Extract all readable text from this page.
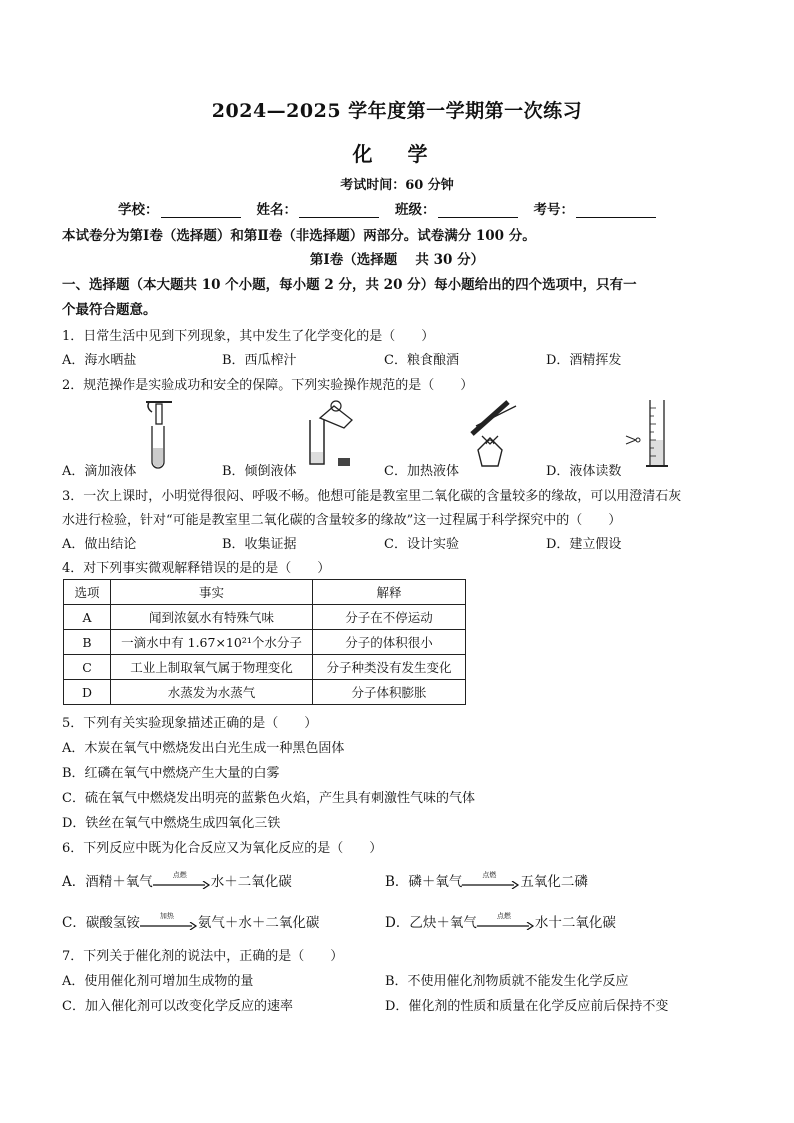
2024—2025 学年度第一学期第一次练习
化 学
考试时间：60 分钟
学校：	姓名：	班级：	考号：
本试卷分为第Ⅰ卷（选择题）和第Ⅱ卷（非选择题）两部分。试卷满分 100 分。
第Ⅰ卷（选择题　 共 30 分）
一、选择题（本大题共 10 个小题，每小题 2 分，共 20 分）每小题给出的四个选项中，只有一
个最符合题意。
1．日常生活中见到下列现象，其中发生了化学变化的是（　　）
A．海水晒盐	B．西瓜榨汁	C．粮食酿酒	D．酒精挥发
2．规范操作是实验成功和安全的保障。下列实验操作规范的是（　　）
A．滴加液体	B．倾倒液体	C．加热液体	D．液体读数
3．一次上课时，小明觉得很闷、呼吸不畅。他想可能是教室里二氧化碳的含量较多的缘故，可以用澄清石灰
水进行检验，针对“可能是教室里二氧化碳的含量较多的缘故”这一过程属于科学探究中的（　　）
A．做出结论	B．收集证据	C．设计实验	D．建立假设
4．对下列事实微观解释错误的是的是（　　）
选项	事实	解释
A	闻到浓氨水有特殊气味	分子在不停运动
B	一滴水中有 1.67×10²¹个水分子	分子的体积很小
C	工业上制取氧气属于物理变化	分子种类没有发生变化
D	水蒸发为水蒸气	分子体积膨胀
5．下列有关实验现象描述正确的是（　　）
A．木炭在氧气中燃烧发出白光生成一种黑色固体
B．红磷在氧气中燃烧产生大量的白雾
C．硫在氧气中燃烧发出明亮的蓝紫色火焰，产生具有刺激性气味的气体
D．铁丝在氧气中燃烧生成四氧化三铁
6．下列反应中既为化合反应又为氧化反应的是（　　）
A．酒精＋氧气	点燃	水＋二氧化碳	B．磷＋氧气	点燃	五氧化二磷
C．碳酸氢铵	加热	氨气＋水＋二氧化碳	D．乙炔＋氧气	点燃	水十二氧化碳
7．下列关于催化剂的说法中，正确的是（　　）
A．使用催化剂可增加生成物的量	B．不使用催化剂物质就不能发生化学反应
C．加入催化剂可以改变化学反应的速率	D．催化剂的性质和质量在化学反应前后保持不变
